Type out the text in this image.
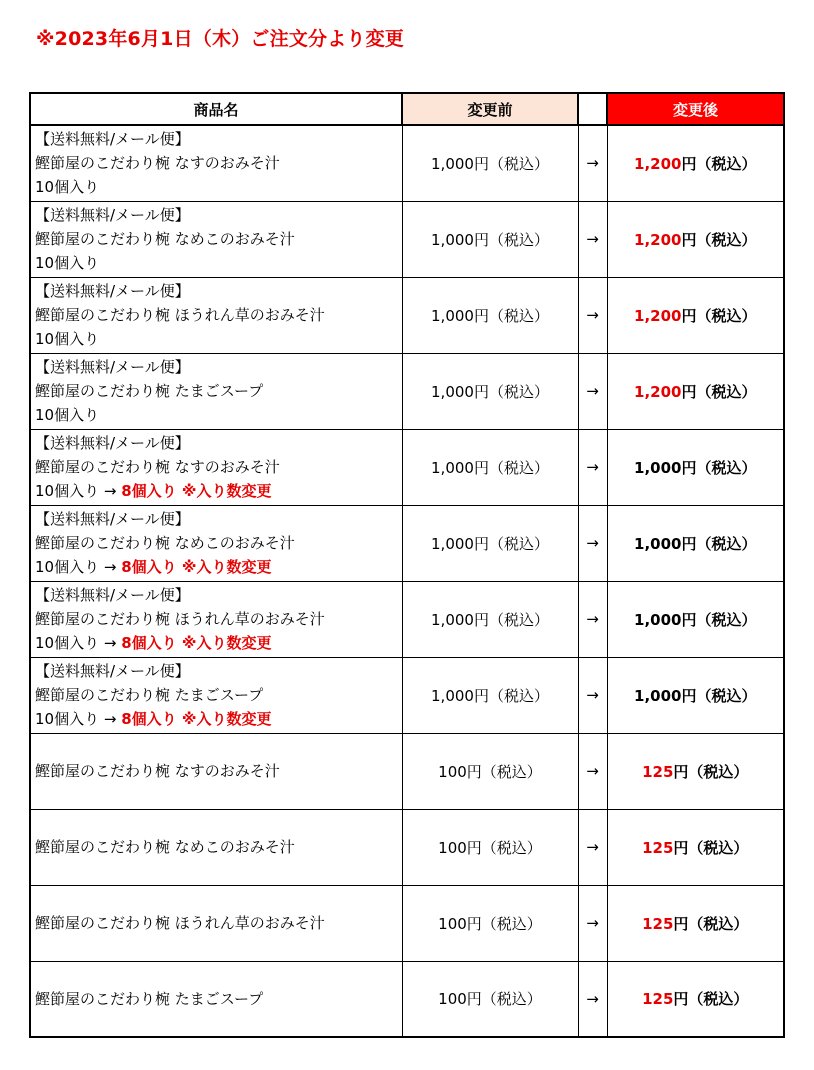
※2023年6月1日（木）ご注文分より変更
商品名	変更前		変更後

【送料無料/メール便】
鰹節屋のこだわり椀 なすのおみそ汁
10個入り	1,000円（税込）	→	1,200円（税込）

【送料無料/メール便】
鰹節屋のこだわり椀 なめこのおみそ汁
10個入り	1,000円（税込）	→	1,200円（税込）

【送料無料/メール便】
鰹節屋のこだわり椀 ほうれん草のおみそ汁
10個入り	1,000円（税込）	→	1,200円（税込）

【送料無料/メール便】
鰹節屋のこだわり椀 たまごスープ
10個入り	1,000円（税込）	→	1,200円（税込）

【送料無料/メール便】
鰹節屋のこだわり椀 なすのおみそ汁
10個入り → 8個入り ※入り数変更	1,000円（税込）	→	1,000円（税込）

【送料無料/メール便】
鰹節屋のこだわり椀 なめこのおみそ汁
10個入り → 8個入り ※入り数変更	1,000円（税込）	→	1,000円（税込）

【送料無料/メール便】
鰹節屋のこだわり椀 ほうれん草のおみそ汁
10個入り → 8個入り ※入り数変更	1,000円（税込）	→	1,000円（税込）

【送料無料/メール便】
鰹節屋のこだわり椀 たまごスープ
10個入り → 8個入り ※入り数変更	1,000円（税込）	→	1,000円（税込）

鰹節屋のこだわり椀 なすのおみそ汁	100円（税込）	→	125円（税込）

鰹節屋のこだわり椀 なめこのおみそ汁	100円（税込）	→	125円（税込）

鰹節屋のこだわり椀 ほうれん草のおみそ汁	100円（税込）	→	125円（税込）

鰹節屋のこだわり椀 たまごスープ	100円（税込）	→	125円（税込）
